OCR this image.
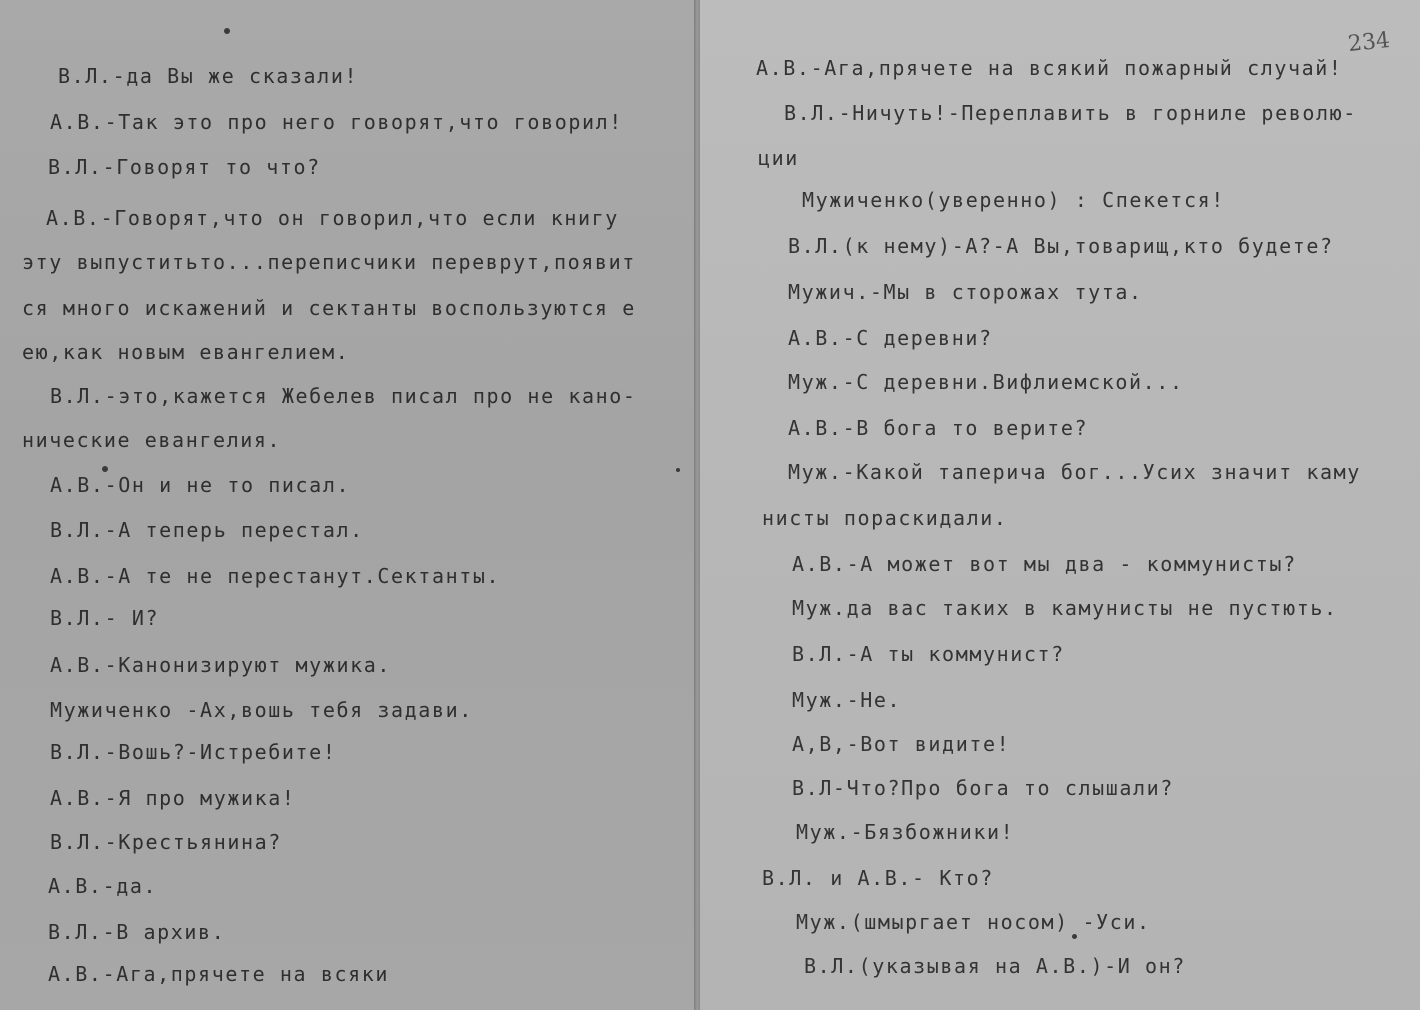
В.Л.-да Вы же сказали!
А.В.-Так это про него говорят,что говорил!
В.Л.-Говорят то что?
А.В.-Говорят,что он говорил,что если книгу
эту выпуститьто...переписчики переврут,появит
ся много искажений и сектанты воспользуются е
ею,как новым евангелием.
В.Л.-это,кажется Жебелев писал про не кано-
нические евангелия.
А.В.-Он и не то писал.
В.Л.-А теперь перестал.
А.В.-А те не перестанут.Сектанты.
В.Л.- И?
А.В.-Канонизируют мужика.
Мужиченко -Ах,вошь тебя задави.
В.Л.-Вошь?-Истребите!
А.В.-Я про мужика!
В.Л.-Крестьянина?
А.В.-да.
В.Л.-В архив.
А.В.-Ага,прячете на всяки
234
А.В.-Ага,прячете на всякий пожарный случай!
В.Л.-Ничуть!-Переплавить в горниле револю-
ции
Мужиченко(уверенно) : Спекется!
В.Л.(к нему)-А?-А Вы,товарищ,кто будете?
Мужич.-Мы в сторожах тута.
А.В.-С деревни?
Муж.-С деревни.Вифлиемской...
А.В.-В бога то верите?
Муж.-Какой таперича бог...Усих значит каму
нисты пораскидали.
А.В.-А может вот мы два - коммунисты?
Муж.да вас таких в камунисты не пустють.
В.Л.-А ты коммунист?
Муж.-Не.
А,В,-Вот видите!
В.Л-Что?Про бога то слышали?
Муж.-Бязбожники!
В.Л. и А.В.- Кто?
Муж.(шмыргает носом) -Уси.
В.Л.(указывая на А.В.)-И он?
